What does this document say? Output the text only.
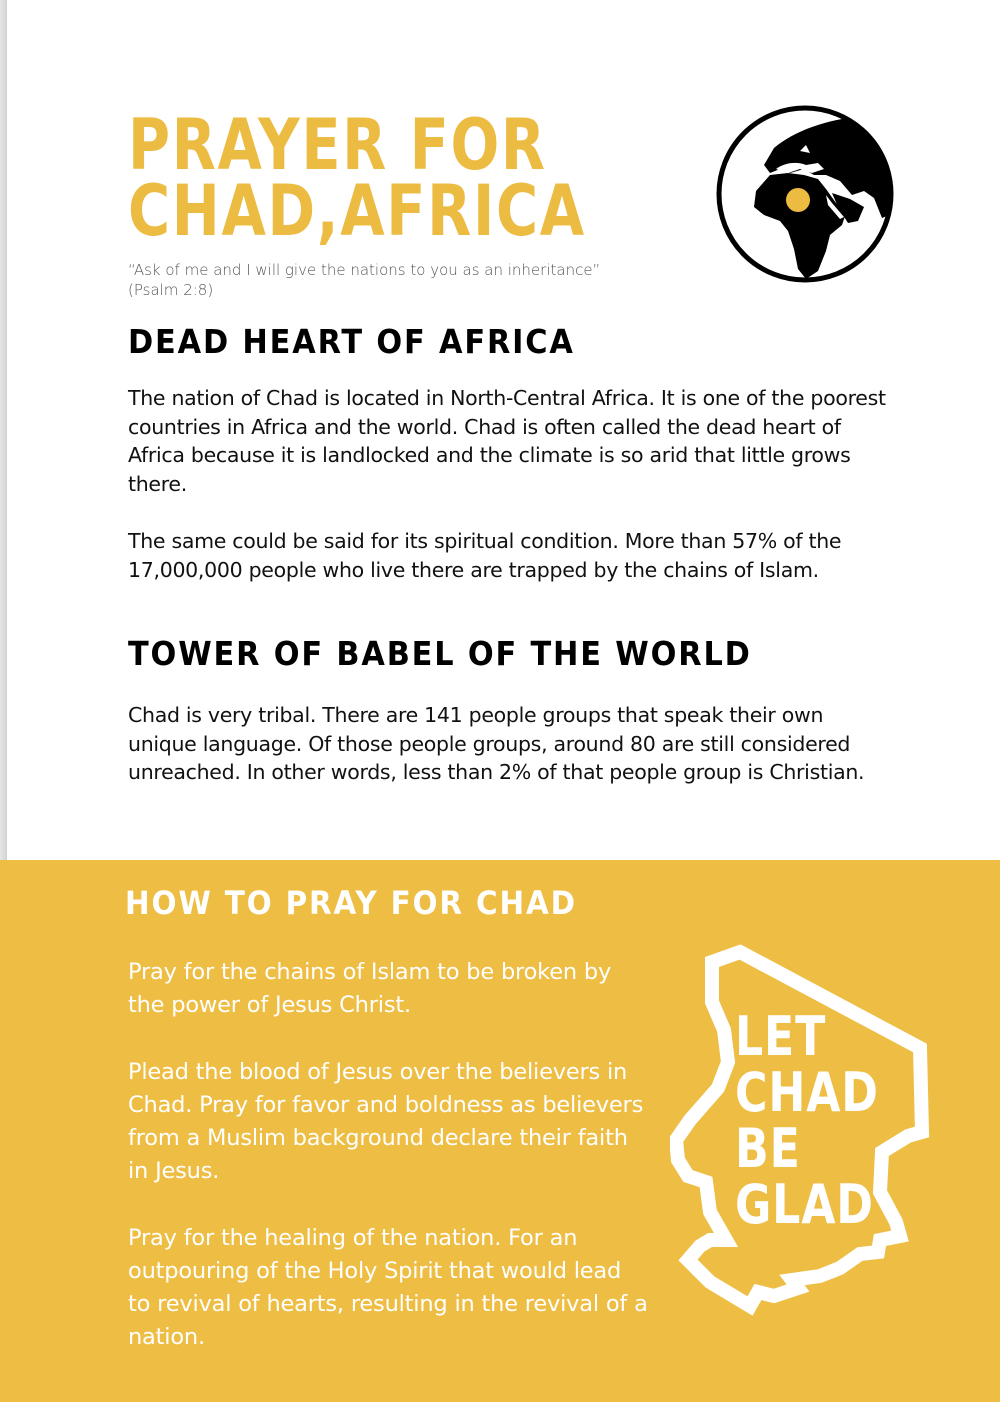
PRAYER FOR
CHAD,AFRICA
“Ask of me and I will give the nations to you as an inheritance”
(Psalm 2:8)
DEAD HEART OF AFRICA

The nation of Chad is located in North-Central Africa. It is one of the poorest countries in Africa and the world. Chad is often called the dead heart of Africa because it is landlocked and the climate is so arid that little grows there.

The same could be said for its spiritual condition. More than 57% of the 17,000,000 people who live there are trapped by the chains of Islam.

TOWER OF BABEL OF THE WORLD

Chad is very tribal. There are 141 people groups that speak their own unique language. Of those people groups, around 80 are still considered unreached. In other words, less than 2% of that people group is Christian.

HOW TO PRAY FOR CHAD

Pray for the chains of Islam to be broken by the power of Jesus Christ.

Plead the blood of Jesus over the believers in Chad. Pray for favor and boldness as believers from a Muslim background declare their faith in Jesus.

Pray for the healing of the nation. For an outpouring of the Holy Spirit that would lead to revival of hearts, resulting in the revival of a nation.

LET
CHAD
BE
GLAD
